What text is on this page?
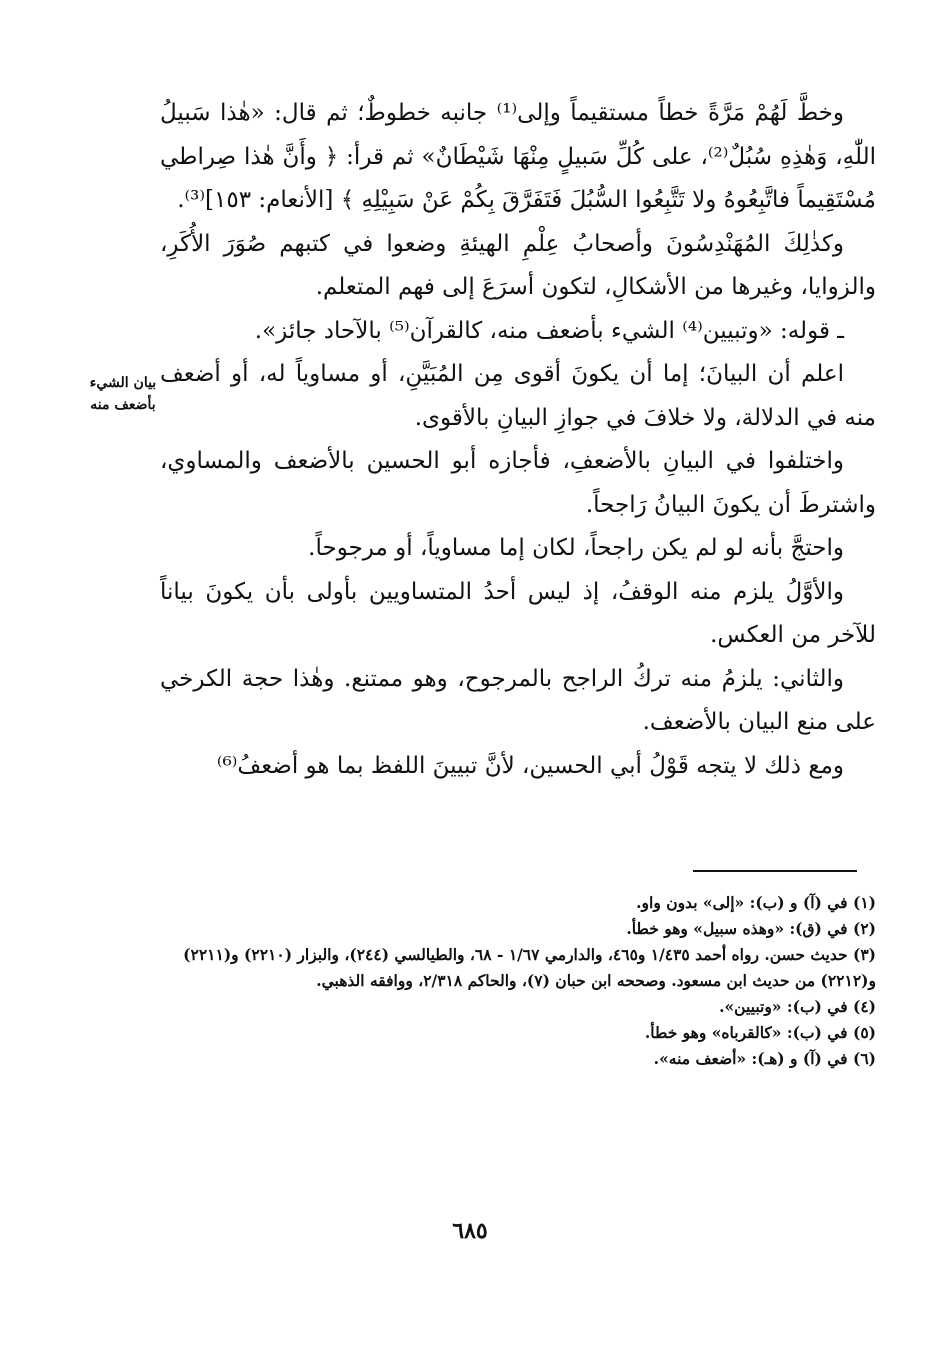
وخطَّ لَهُمْ مَرَّةً خطاً مستقيماً وإلى⁽¹⁾ جانبه خطوطٌ؛ ثم قال: «هٰذا سَبيلُ اللّٰهِ، وَهٰذِهِ سُبُلٌ⁽²⁾، على كُلِّ سَبيلٍ مِنْهَا شَيْطَانٌ» ثم قرأ: ﴿ وأَنَّ هٰذا صِراطي مُسْتَقِيماً فاتَّبِعُوهُ ولا تَتَّبِعُوا السُّبُلَ فَتَفَرَّقَ بِكُمْ عَنْ سَبِيْلِهِ ﴾ [الأنعام: ١٥٣]⁽³⁾.

وكذٰلِكَ المُهَنْدِسُونَ وأصحابُ عِلْمِ الهيئةِ وضعوا في كتبهم صُوَرَ الأُكَرِ، والزوايا، وغيرها من الأشكالِ، لتكون أسرَعَ إلى فهم المتعلم.

ـ قوله: «وتبيين⁽⁴⁾ الشيء بأضعف منه، كالقرآن⁽⁵⁾ بالآحاد جائز».

اعلم أن البيانَ؛ إما أن يكونَ أقوى مِن المُبَيَّنِ، أو مساوياً له، أو أضعف منه في الدلالة، ولا خلافَ في جوازِ البيانِ بالأقوى.

واختلفوا في البيانِ بالأضعفِ، فأجازه أبو الحسين بالأضعف والمساوي، واشترطَ أن يكونَ البيانُ رَاجحاً.

واحتجَّ بأنه لو لم يكن راجحاً، لكان إما مساوياً، أو مرجوحاً.

والأوَّلُ يلزم منه الوقفُ، إذ ليس أحدُ المتساويين بأولى بأن يكونَ بياناً للآخر من العكس.

والثاني: يلزمُ منه تركُ الراجح بالمرجوح، وهو ممتنع. وهٰذا حجة الكرخي على منع البيان بالأضعف.

ومع ذلك لا يتجه قَوْلُ أبي الحسين، لأنَّ تبيينَ اللفظ بما هو أضعفُ⁽⁶⁾

بيان الشيء بأضعف منه

(١) في (آ) و (ب): «إلى» بدون واو.

(٢) في (ق): «وهذه سبيل» وهو خطأ.

(٣) حديث حسن. رواه أحمد ١/٤٣٥ و٤٦٥، والدارمي ١/٦٧ - ٦٨، والطيالسي (٢٤٤)، والبزار (٢٢١٠) و(٢٢١١) و(٢٢١٢) من حديث ابن مسعود. وصححه ابن حبان (٧)، والحاكم ٢/٣١٨، ووافقه الذهبي.

(٤) في (ب): «وتبيين».

(٥) في (ب): «كالقرباه» وهو خطأ.

(٦) في (آ) و (هـ): «أضعف منه».

٦٨٥
